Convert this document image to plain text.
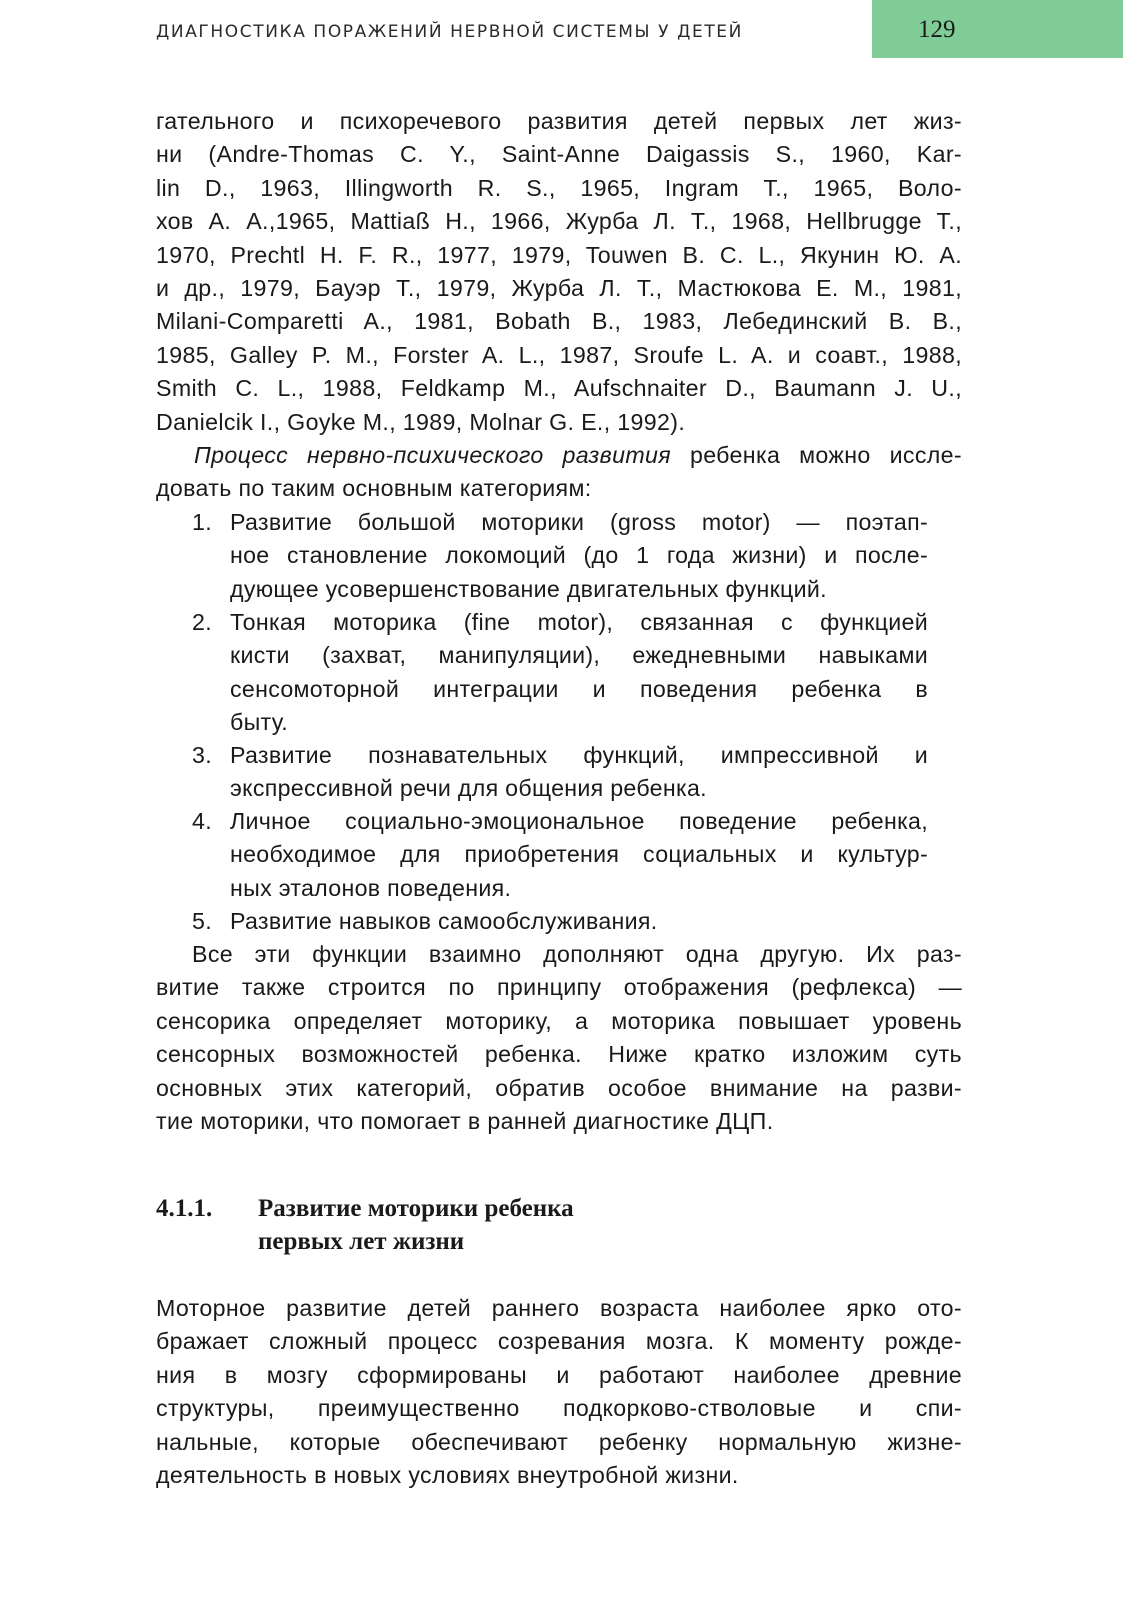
ДИАГНОСТИКА ПОРАЖЕНИЙ НЕРВНОЙ СИСТЕМЫ У ДЕТЕЙ	129
гательного и психоречевого развития детей первых лет жиз-
ни (Andre-Thomas C. Y., Saint-Anne Daigassis S., 1960, Kar-
lin D., 1963, Illingworth R. S., 1965, Ingram T., 1965, Воло-
хов А. А.,1965, Mattiaß H., 1966, Журба Л. Т., 1968, Hellbrugge T.,
1970, Prechtl H. F. R., 1977, 1979, Touwen B. C. L., Якунин Ю. А.
и др., 1979, Бауэр Т., 1979, Журба Л. Т., Мастюкова Е. М., 1981,
Milani-Comparetti A., 1981, Bobath B., 1983, Лебединский В. В.,
1985, Galley P. M., Forster A. L., 1987, Sroufe L. A. и соавт., 1988,
Smith C. L., 1988, Feldkamp M., Aufschnaiter D., Baumann J. U.,
Danielcik I., Goyke M., 1989, Molnar G. E., 1992).
Процесс нервно-психического развития ребенка можно иссле-
довать по таким основным категориям:
1. Развитие большой моторики (gross motor) — поэтап-
ное становление локомоций (до 1 года жизни) и после-
дующее усовершенствование двигательных функций.
2. Тонкая моторика (fine motor), связанная с функцией
кисти (захват, манипуляции), ежедневными навыками
сенсомоторной интеграции и поведения ребенка в
быту.
3. Развитие познавательных функций, импрессивной и
экспрессивной речи для общения ребенка.
4. Личное социально-эмоциональное поведение ребенка,
необходимое для приобретения социальных и культур-
ных эталонов поведения.
5. Развитие навыков самообслуживания.
Все эти функции взаимно дополняют одна другую. Их раз-
витие также строится по принципу отображения (рефлекса) —
сенсорика определяет моторику, а моторика повышает уровень
сенсорных возможностей ребенка. Ниже кратко изложим суть
основных этих категорий, обратив особое внимание на разви-
тие моторики, что помогает в ранней диагностике ДЦП.
4.1.1. Развитие моторики ребенка
первых лет жизни
Моторное развитие детей раннего возраста наиболее ярко ото-
бражает сложный процесс созревания мозга. К моменту рожде-
ния в мозгу сформированы и работают наиболее древние
структуры, преимущественно подкорково-стволовые и спи-
нальные, которые обеспечивают ребенку нормальную жизне-
деятельность в новых условиях внеутробной жизни.
